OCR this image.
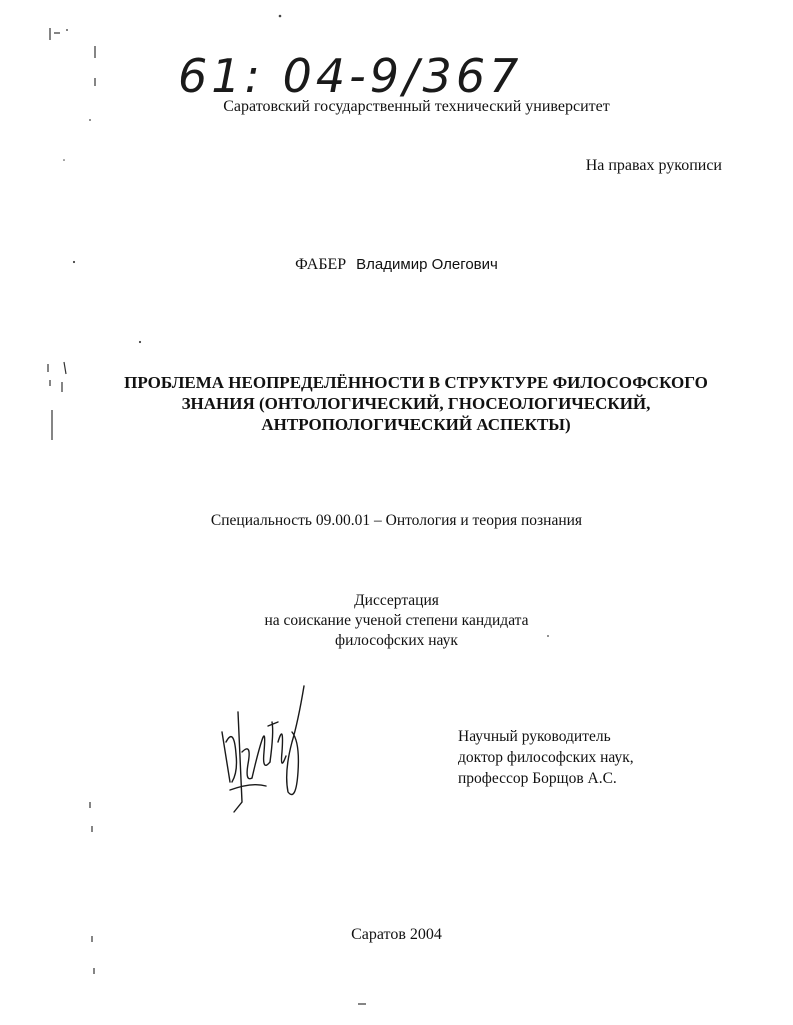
61: 04-9/367
Саратовский государственный технический университет
На правах рукописи
ФАБЕР Владимир Олегович
ПРОБЛЕМА НЕОПРЕДЕЛЁННОСТИ В СТРУКТУРЕ ФИЛОСОФСКОГО
ЗНАНИЯ (ОНТОЛОГИЧЕСКИЙ, ГНОСЕОЛОГИЧЕСКИЙ,
АНТРОПОЛОГИЧЕСКИЙ АСПЕКТЫ)
Специальность 09.00.01 – Онтология и теория познания
Диссертация
на соискание ученой степени кандидата
философских наук
Научный руководитель
доктор философских наук,
профессор Борщов А.С.
Саратов 2004
